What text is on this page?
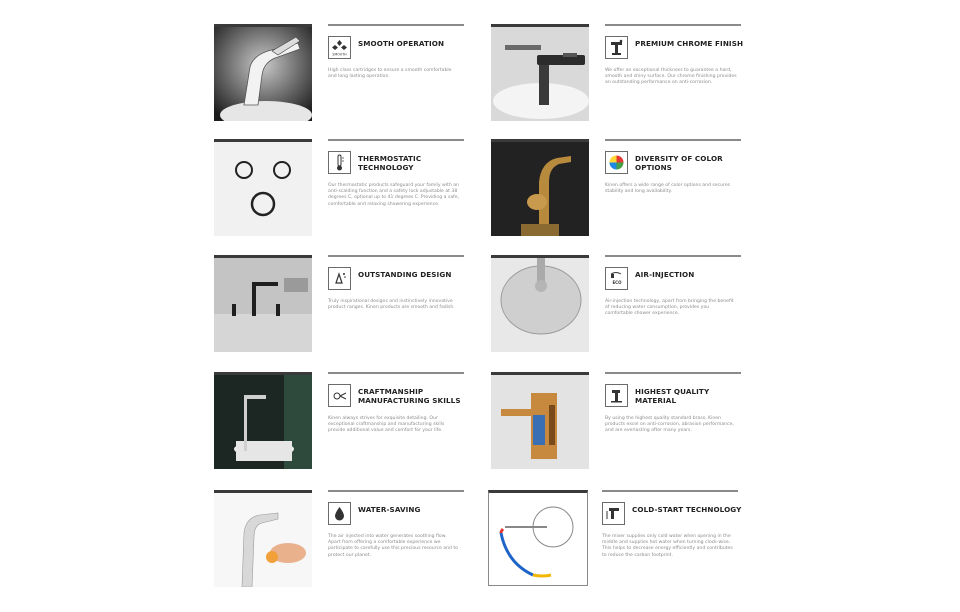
SMOOTH
SMOOTH OPERATION
High class cartridges to ensure a smooth comfortable and long lasting operation.
PREMIUM CHROME FINISH
We offer an exceptional thickness to guarantee a hard, smooth and shiny surface. Our chrome finishing provides an outstanding performance on anti-corrosion.
THERMOSTATIC TECHNOLOGY
Our thermostatic products safeguard your family with an anti-scalding function and a safety lock adjustable at 38 degrees C, optional up to 41 degrees C. Providing a safe, comfortable and relaxing showering experience.
DIVERSITY OF COLOR OPTIONS
Kinen offers a wide range of color options and secures stability and long availability.
OUTSTANDING DESIGN
Truly inspirational designs and instinctively innovative product ranges. Kinen products are smooth and fadish.
ECO
AIR-INJECTION
Air-injection technology, apart from bringing the benefit of reducing water consumption, provides you comfortable shower experience.
CRAFTMANSHIP MANUFACTURING SKILLS
Kinen always strives for exquisite detailing. Our exceptional craftmanship and manufacturing skills provide additional value and comfort for your life.
HIGHEST QUALITY MATERIAL
By using the highest quality standard brass, Kinen products excel on anti-corrosion, abrasion performance, and are everlasting after many years.
WATER-SAVING
The air injected into water generates soothing flow. Apart from offering a comfortable experience we participate to carefully use this precious resource and to protect our planet.
COLD-START TECHNOLOGY
The mixer supplies only cold water when opening in the middle and supplies hot water when turning clock-wise. This helps to decrease energy efficiently and contributes to reduce the carbon footprint.
